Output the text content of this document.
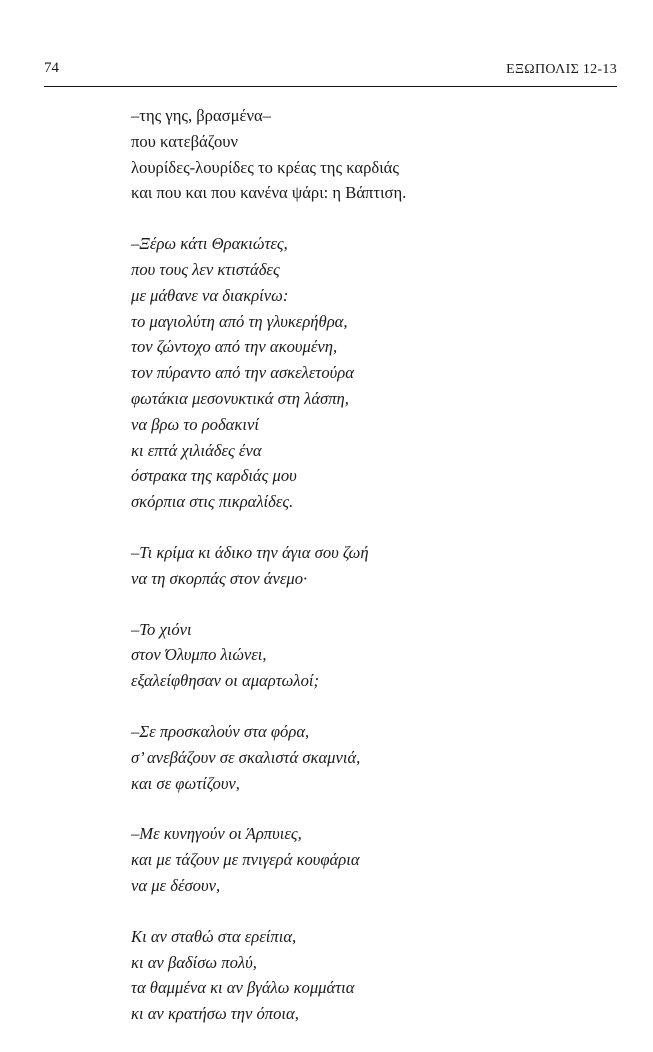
74	ΕΞΩΠΟΛΙΣ 12-13
–της γης, βρασμένα–
που κατεβάζουν
λουρίδες-λουρίδες το κρέας της καρδιάς
και που και που κανένα ψάρι: η Βάπτιση.
–Ξέρω κάτι Θρακιώτες,
που τους λεν κτιστάδες
με μάθανε να διακρίνω:
το μαγιολύτη από τη γλυκερήθρα,
τον ζώντοχο από την ακουμένη,
τον πύραντο από την ασκελετούρα
φωτάκια μεσονυκτικά στη λάσπη,
να βρω το ροδακινί
κι επτά χιλιάδες ένα
όστρακα της καρδιάς μου
σκόρπια στις πικραλίδες.
–Τι κρίμα κι άδικο την άγια σου ζωή
να τη σκορπάς στον άνεμο·
–Το χιόνι
στον Όλυμπο λιώνει,
εξαλείφθησαν οι αμαρτωλοί;
–Σε προσκαλούν στα φόρα,
σ’ ανεβάζουν σε σκαλιστά σκαμνιά,
και σε φωτίζουν,
–Με κυνηγούν οι Άρπυιες,
και με τάζουν με πνιγερά κουφάρια
να με δέσουν,
Κι αν σταθώ στα ερείπια,
κι αν βαδίσω πολύ,
τα θαμμένα κι αν βγάλω κομμάτια
κι αν κρατήσω την όποια,
